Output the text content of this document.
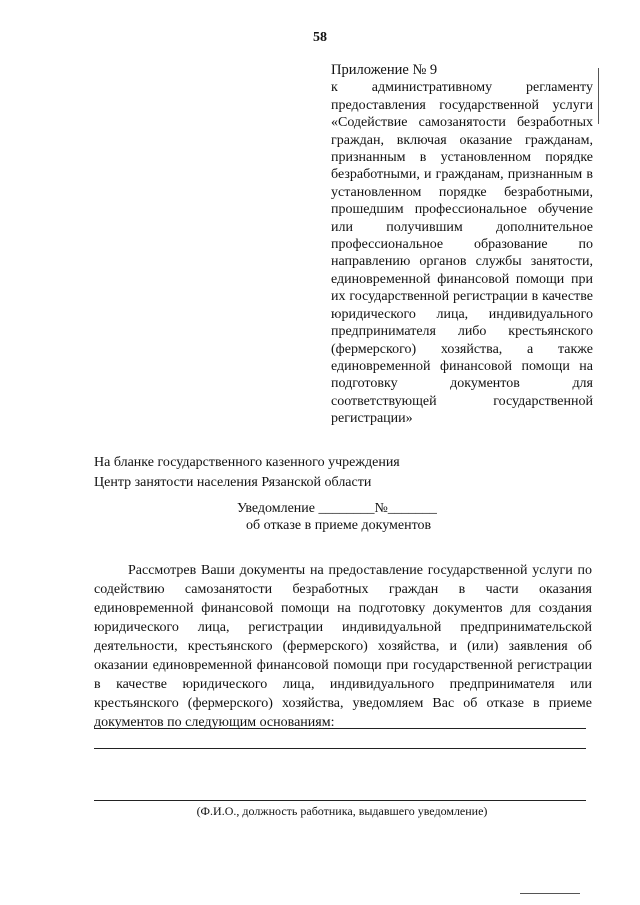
58
Приложение № 9
к административному регламенту предоставления государственной услуги «Содействие самозанятости безработных граждан, включая оказание гражданам, признанным в установленном порядке безработными, и гражданам, признанным в установленном порядке безработными, прошедшим профессиональное обучение или получившим дополнительное профессиональное образование по направлению органов службы занятости, единовременной финансовой помощи при их государственной регистрации в качестве юридического лица, индивидуального предпринимателя либо крестьянского (фермерского) хозяйства, а также единовременной финансовой помощи на подготовку документов для соответствующей государственной регистрации»
На бланке государственного казенного учреждения
Центр занятости населения Рязанской области
Уведомление ________№_______
об отказе в приеме документов
Рассмотрев Ваши документы на предоставление государственной услуги по содействию самозанятости безработных граждан в части оказания единовременной финансовой помощи на подготовку документов для создания юридического лица, регистрации индивидуальной предпринимательской деятельности, крестьянского (фермерского) хозяйства, и (или) заявления об оказании единовременной финансовой помощи при государственной регистрации в качестве юридического лица, индивидуального предпринимателя или крестьянского (фермерского) хозяйства, уведомляем Вас об отказе в приеме документов по следующим основаниям:
(Ф.И.О., должность работника, выдавшего уведомление)
